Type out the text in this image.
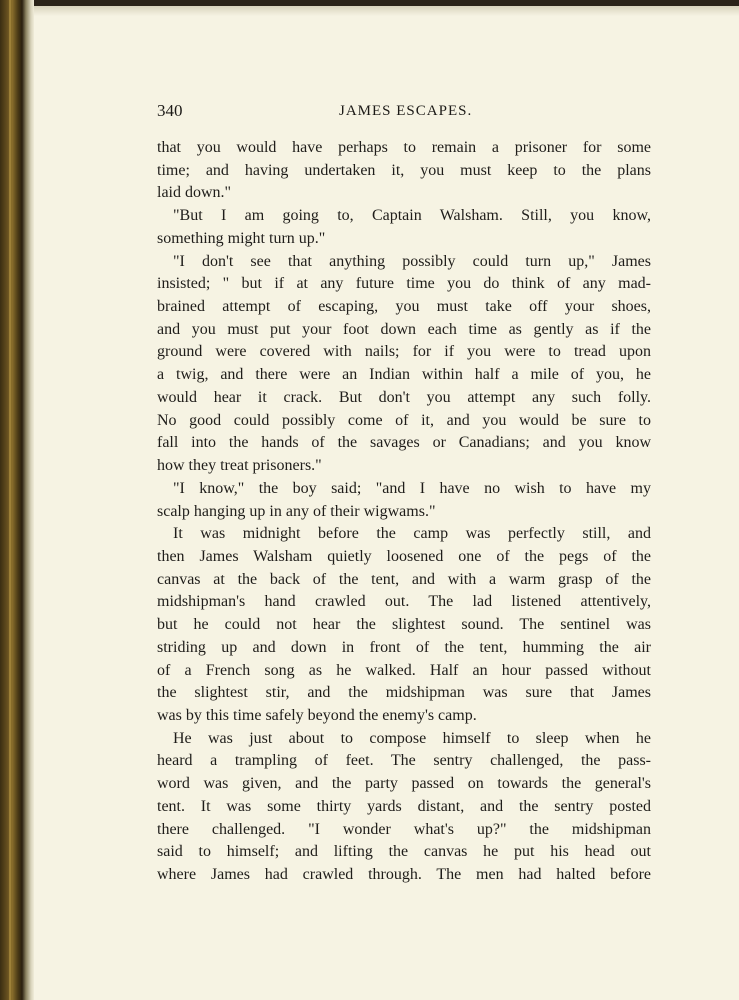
340	JAMES ESCAPES.
that you would have perhaps to remain a prisoner for some
time; and having undertaken it, you must keep to the plans
laid down."
"But I am going to, Captain Walsham. Still, you know,
something might turn up."
"I don't see that anything possibly could turn up," James
insisted; " but if at any future time you do think of any mad-
brained attempt of escaping, you must take off your shoes,
and you must put your foot down each time as gently as if the
ground were covered with nails; for if you were to tread upon
a twig, and there were an Indian within half a mile of you, he
would hear it crack. But don't you attempt any such folly.
No good could possibly come of it, and you would be sure to
fall into the hands of the savages or Canadians; and you know
how they treat prisoners."
"I know," the boy said; "and I have no wish to have my
scalp hanging up in any of their wigwams."
It was midnight before the camp was perfectly still, and
then James Walsham quietly loosened one of the pegs of the
canvas at the back of the tent, and with a warm grasp of the
midshipman's hand crawled out. The lad listened attentively,
but he could not hear the slightest sound. The sentinel was
striding up and down in front of the tent, humming the air
of a French song as he walked. Half an hour passed without
the slightest stir, and the midshipman was sure that James
was by this time safely beyond the enemy's camp.
He was just about to compose himself to sleep when he
heard a trampling of feet. The sentry challenged, the pass-
word was given, and the party passed on towards the general's
tent. It was some thirty yards distant, and the sentry posted
there challenged. "I wonder what's up?" the midshipman
said to himself; and lifting the canvas he put his head out
where James had crawled through. The men had halted before
